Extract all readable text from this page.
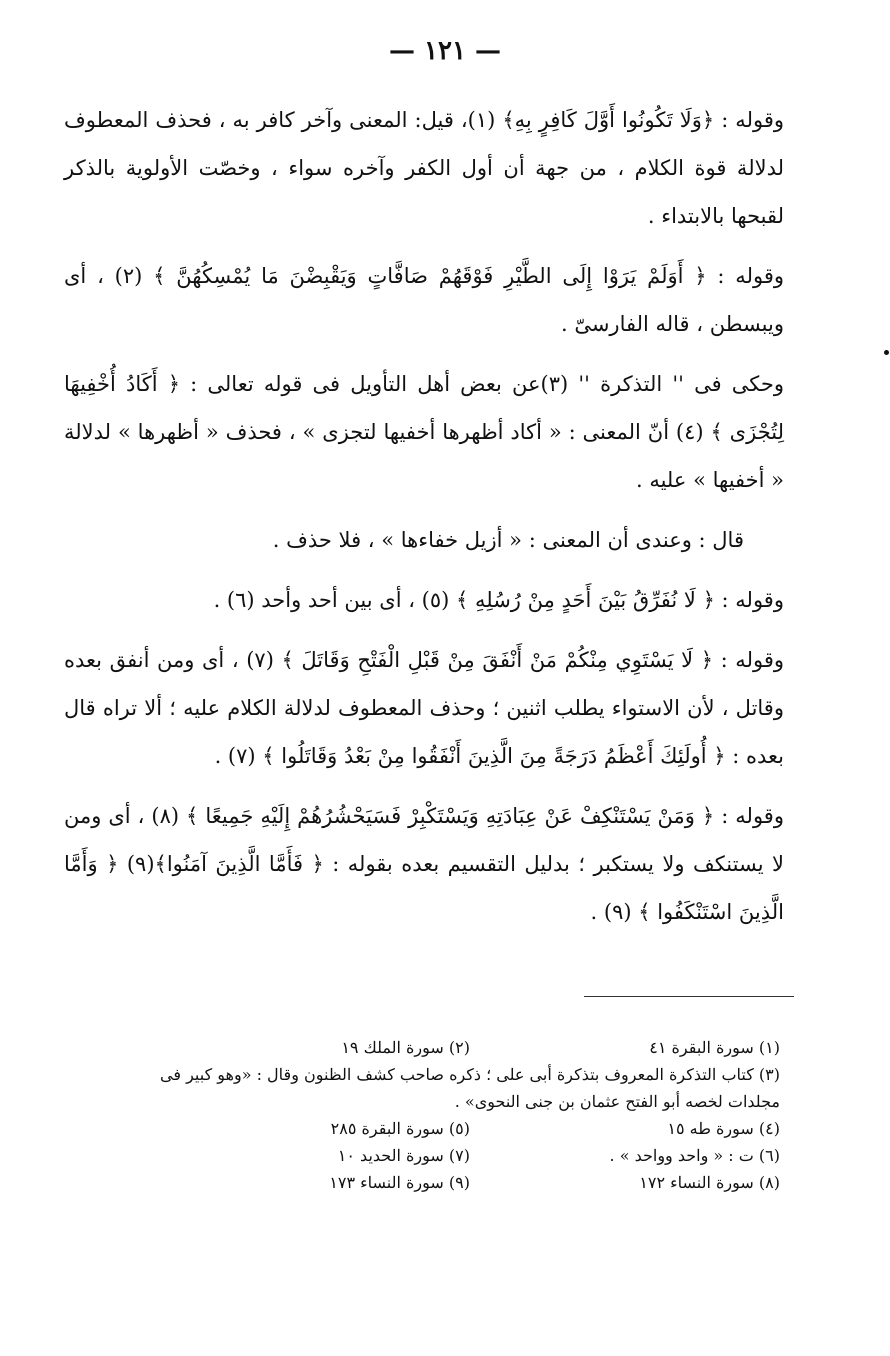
— ١٢١ —

وقوله : ﴿وَلَا تَكُونُوا أَوَّلَ كَافِرٍ بِهِ﴾ (١)، قيل: المعنى وآخر كافر به ، فحذف المعطوف لدلالة قوة الكلام ، من جهة أن أول الكفر وآخره سواء ، وخصّت الأولوية بالذكر لقبحها بالابتداء .

وقوله : ﴿ أَوَلَمْ يَرَوْا إِلَى الطَّيْرِ فَوْقَهُمْ صَافَّاتٍ وَيَقْبِضْنَ مَا يُمْسِكُهُنَّ ﴾ (٢) ، أى ويبسطن ، قاله الفارسىّ .

وحكى فى '' التذكرة '' (٣)عن بعض أهل التأويل فى قوله تعالى : ﴿ أَكَادُ أُخْفِيهَا لِتُجْزَى ﴾ (٤) أنّ المعنى : « أكاد أظهرها أخفيها لتجزى » ، فحذف « أظهرها » لدلالة « أخفيها » عليه .

قال : وعندى أن المعنى : « أزيل خفاءها » ، فلا حذف .

وقوله : ﴿ لَا نُفَرِّقُ بَيْنَ أَحَدٍ مِنْ رُسُلِهِ ﴾ (٥) ، أى بين أحد وأحد (٦) .

وقوله : ﴿ لَا يَسْتَوِي مِنْكُمْ مَنْ أَنْفَقَ مِنْ قَبْلِ الْفَتْحِ وَقَاتَلَ ﴾ (٧) ، أى ومن أنفق بعده وقاتل ، لأن الاستواء يطلب اثنين ؛ وحذف المعطوف لدلالة الكلام عليه ؛ ألا تراه قال بعده : ﴿ أُولَئِكَ أَعْظَمُ دَرَجَةً مِنَ الَّذِينَ أَنْفَقُوا مِنْ بَعْدُ وَقَاتَلُوا ﴾ (٧) .

وقوله : ﴿ وَمَنْ يَسْتَنْكِفْ عَنْ عِبَادَتِهِ وَيَسْتَكْبِرْ فَسَيَحْشُرُهُمْ إِلَيْهِ جَمِيعًا ﴾ (٨) ، أى ومن لا يستنكف ولا يستكبر ؛ بدليل التقسيم بعده بقوله : ﴿ فَأَمَّا الَّذِينَ آمَنُوا﴾(٩) ﴿ وَأَمَّا الَّذِينَ اسْتَنْكَفُوا ﴾ (٩) .

(١) سورة البقرة ٤١
(٢) سورة الملك ١٩
(٣) كتاب التذكرة المعروف بتذكرة أبى على ؛ ذكره صاحب كشف الظنون وقال : «وهو كبير فى مجلدات لخصه أبو الفتح عثمان بن جنى النحوى» .
(٤) سورة طه ١٥
(٥) سورة البقرة ٢٨٥
(٦) ت : « واحد وواحد » .
(٧) سورة الحديد ١٠
(٨) سورة النساء ١٧٢
(٩) سورة النساء ١٧٣
